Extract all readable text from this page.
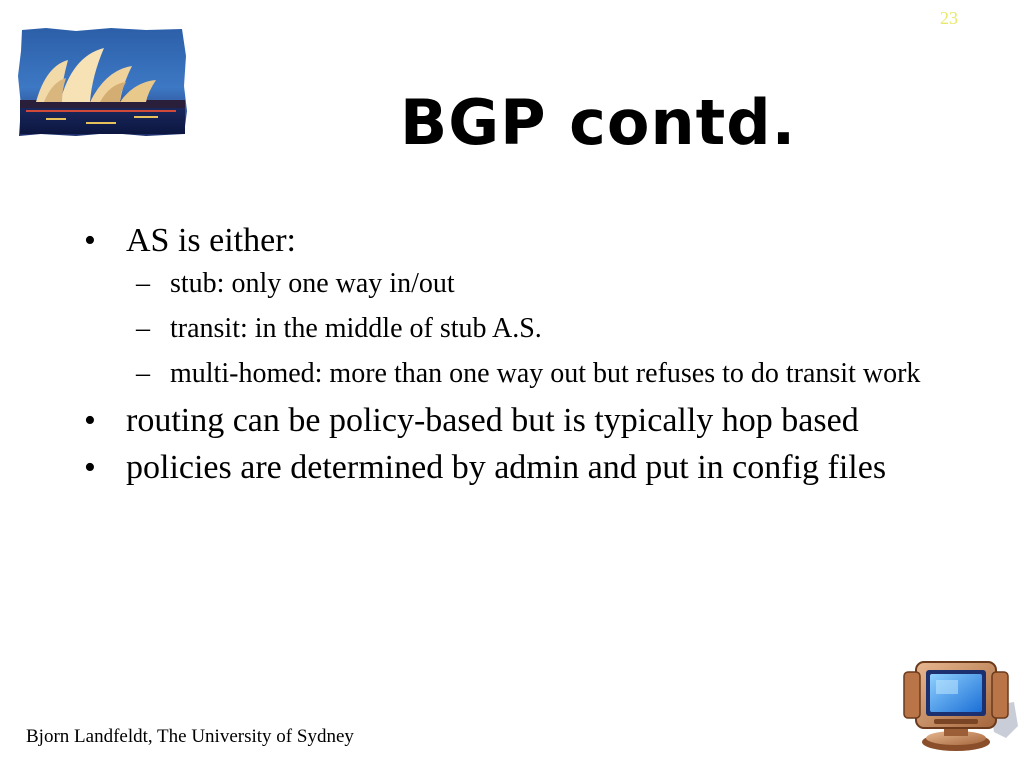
23
BGP contd.
• AS is either:
– stub: only one way in/out
– transit: in the middle of stub A.S.
– multi-homed: more than one way out but refuses to do transit work
• routing can be policy-based but is typically hop based
• policies are determined by admin and put in config files
Bjorn Landfeldt, The University of Sydney
